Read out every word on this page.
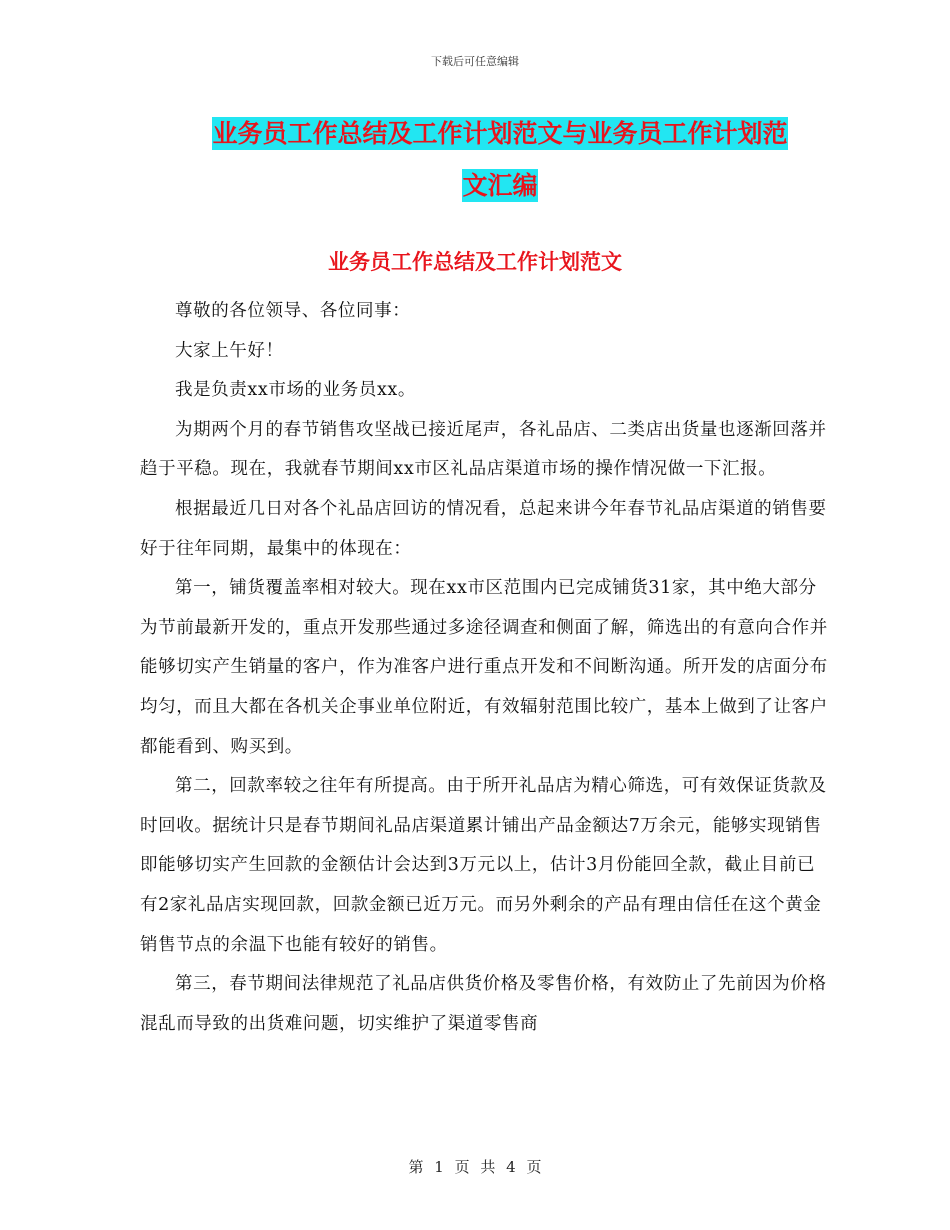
下载后可任意编辑
业务员工作总结及工作计划范文与业务员工作计划范
文汇编
业务员工作总结及工作计划范文

尊敬的各位领导、各位同事：

大家上午好！

我是负责xx市场的业务员xx。

为期两个月的春节销售攻坚战已接近尾声，各礼品店、二类店出货量也逐渐回落并趋于平稳。现在，我就春节期间xx市区礼品店渠道市场的操作情况做一下汇报。

根据最近几日对各个礼品店回访的情况看，总起来讲今年春节礼品店渠道的销售要好于往年同期，最集中的体现在：

第一，铺货覆盖率相对较大。现在xx市区范围内已完成铺货31家，其中绝大部分为节前最新开发的，重点开发那些通过多途径调查和侧面了解，筛选出的有意向合作并能够切实产生销量的客户，作为准客户进行重点开发和不间断沟通。所开发的店面分布均匀，而且大都在各机关企事业单位附近，有效辐射范围比较广，基本上做到了让客户都能看到、购买到。

第二，回款率较之往年有所提高。由于所开礼品店为精心筛选，可有效保证货款及时回收。据统计只是春节期间礼品店渠道累计铺出产品金额达7万余元，能够实现销售即能够切实产生回款的金额估计会达到3万元以上，估计3月份能回全款，截止目前已有2家礼品店实现回款，回款金额已近万元。而另外剩余的产品有理由信任在这个黄金销售节点的余温下也能有较好的销售。

第三，春节期间法律规范了礼品店供货价格及零售价格，有效防止了先前因为价格混乱而导致的出货难问题，切实维护了渠道零售商

第 1 页 共 4 页
